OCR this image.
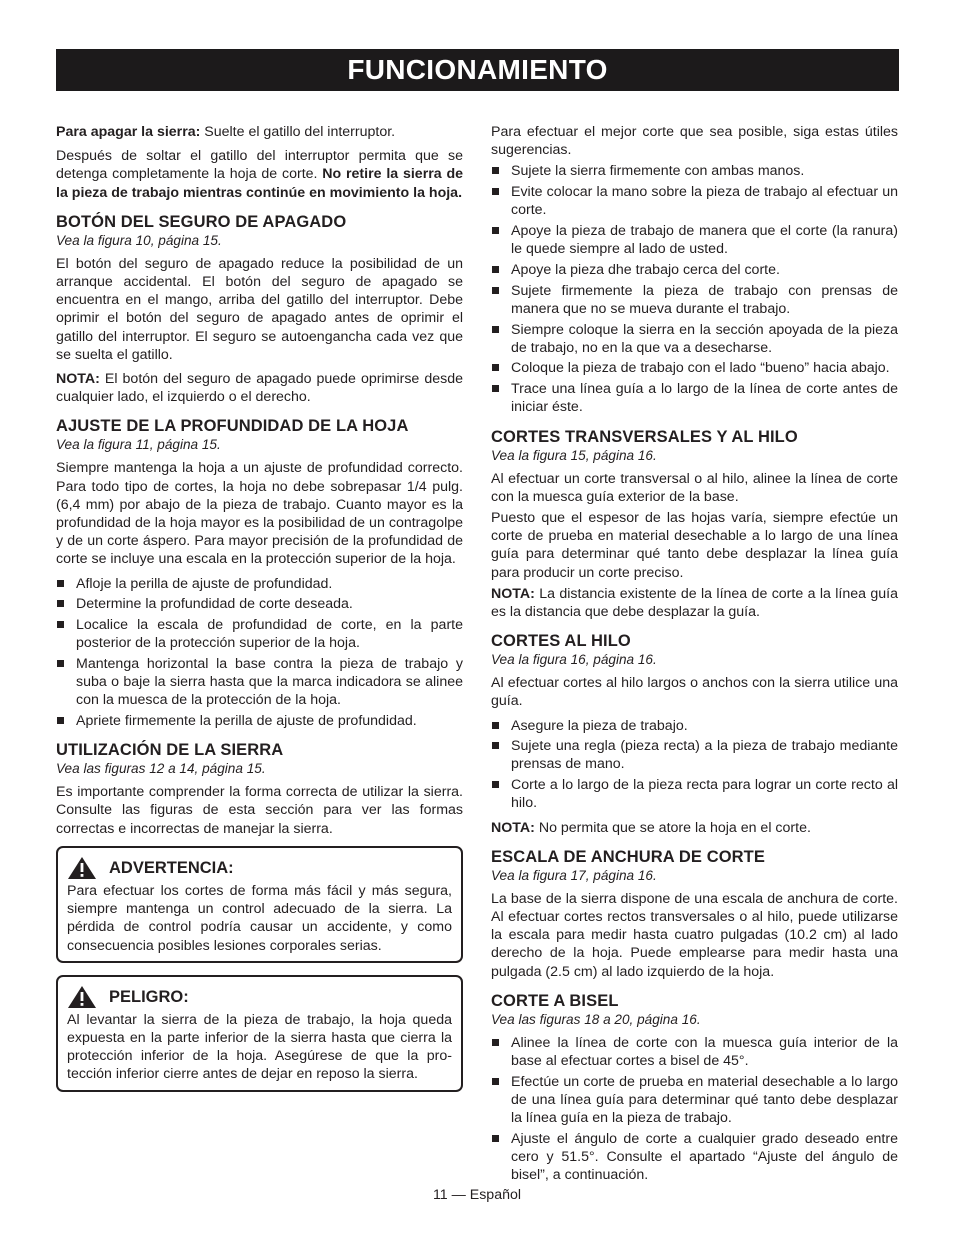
FUNCIONAMIENTO

Para apagar la sierra: Suelte el gatillo del interruptor.

Después de soltar el gatillo del interruptor permita que se detenga completamente la hoja de corte. No retire la sierra de la pieza de trabajo mientras continúe en movimiento la hoja.

BOTÓN DEL SEGURO DE APAGADO
Vea la figura 10, página 15.

El botón del seguro de apagado reduce la posibilidad de un arranque accidental. El botón del seguro de apagado se encuentra en el mango, arriba del gatillo del interruptor. Debe oprimir el botón del seguro de apagado antes de oprimir el gatillo del interruptor. El seguro se autoengancha cada vez que se suelta el gatillo.

NOTA: El botón del seguro de apagado puede oprimirse desde cualquier lado, el izquierdo o el derecho.

AJUSTE DE LA PROFUNDIDAD DE LA HOJA
Vea la figura 11, página 15.

Siempre mantenga la hoja a un ajuste de profundidad correcto. Para todo tipo de cortes, la hoja no debe sobrepasar 1/4 pulg. (6,4 mm) por abajo de la pieza de trabajo. Cuanto mayor es la profundidad de la hoja mayor es la posibilidad de un contragolpe y de un corte áspero. Para mayor precisión de la profundidad de corte se incluye una escala en la protección superior de la hoja.

Afloje la perilla de ajuste de profundidad.
Determine la profundidad de corte deseada.
Localice la escala de profundidad de corte, en la parte posterior de la protección superior de la hoja.
Mantenga horizontal la base contra la pieza de trabajo y suba o baje la sierra hasta que la marca indicadora se alinee con la muesca de la protección de la hoja.
Apriete firmemente la perilla de ajuste de profundidad.
UTILIZACIÓN DE LA SIERRA
Vea las figuras 12 a 14, página 15.

Es importante comprender la forma correcta de utilizar la sierra. Consulte las figuras de esta sección para ver las formas correctas e incorrectas de manejar la sierra.

ADVERTENCIA:

Para efectuar los cortes de forma más fácil y más segura, siempre mantenga un control adecuado de la sierra. La pérdida de control podría causar un accidente, y como consecuencia posibles lesiones corporales serias.

PELIGRO:

Al levantar la sierra de la pieza de trabajo, la hoja queda expuesta en la parte inferior de la sierra hasta que cierra la protección inferior de la hoja. Asegúrese de que la pro-tección inferior cierre antes de dejar en reposo la sierra.

Para efectuar el mejor corte que sea posible, siga estas útiles sugerencias.

Sujete la sierra firmemente con ambas manos.
Evite colocar la mano sobre la pieza de trabajo al efectuar un corte.
Apoye la pieza de trabajo de manera que el corte (la ranura) le quede siempre al lado de usted.
Apoye la pieza dhe trabajo cerca del corte.
Sujete firmemente la pieza de trabajo con prensas de manera que no se mueva durante el trabajo.
Siempre coloque la sierra en la sección apoyada de la pieza de trabajo, no en la que va a desecharse.
Coloque la pieza de trabajo con el lado “bueno” hacia abajo.
Trace una línea guía a lo largo de la línea de corte antes de iniciar éste.
CORTES TRANSVERSALES Y AL HILO
Vea la figura 15, página 16.

Al efectuar un corte transversal o al hilo, alinee la línea de corte con la muesca guía exterior de la base.

Puesto que el espesor de las hojas varía, siempre efectúe un corte de prueba en material desechable a lo largo de una línea guía para determinar qué tanto debe desplazar la línea guía para producir un corte preciso.

NOTA: La distancia existente de la línea de corte a la línea guía es la distancia que debe desplazar la guía.

CORTES AL HILO
Vea la figura 16, página 16.

Al efectuar cortes al hilo largos o anchos con la sierra utilice una guía.

Asegure la pieza de trabajo.
Sujete una regla (pieza recta) a la pieza de trabajo mediante prensas de mano.
Corte a lo largo de la pieza recta para lograr un corte recto al hilo.

NOTA: No permita que se atore la hoja en el corte.

ESCALA DE ANCHURA DE CORTE
Vea la figura 17, página 16.

La base de la sierra dispone de una escala de anchura de corte. Al efectuar cortes rectos transversales o al hilo, puede utilizarse la escala para medir hasta cuatro pulgadas (10.2 cm) al lado derecho de la hoja. Puede emplearse para medir hasta una pulgada (2.5 cm) al lado izquierdo de la hoja.

CORTE A BISEL
Vea las figuras 18 a 20, página 16.
Alinee la línea de corte con la muesca guía interior de la base al efectuar cortes a bisel de 45°.
Efectúe un corte de prueba en material desechable a lo largo de una línea guía para determinar qué tanto debe desplazar la línea guía en la pieza de trabajo.
Ajuste el ángulo de corte a cualquier grado deseado entre cero y 51.5°. Consulte el apartado “Ajuste del ángulo de bisel”, a continuación.
11 — Español
